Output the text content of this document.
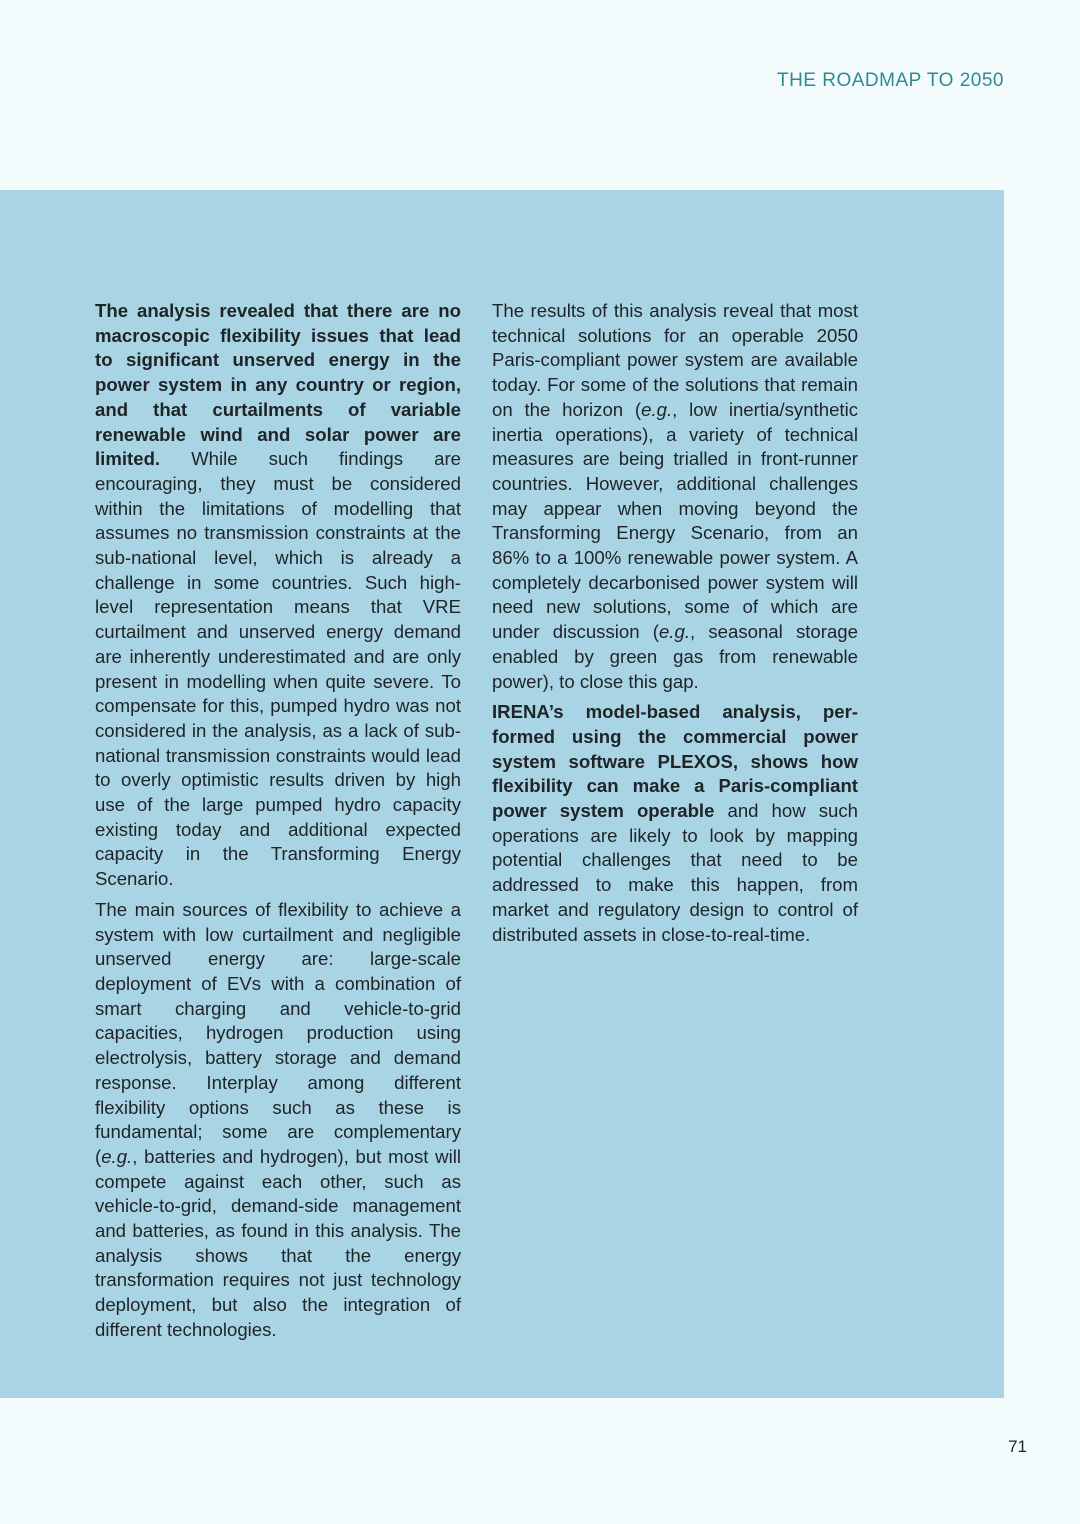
THE ROADMAP TO 2050

The analysis revealed that there are no macroscopic flexibility issues that lead to significant unserved energy in the power system in any country or region, and that curtailments of variable renewable wind and solar power are limited. While such findings are encouraging, they must be considered within the limitations of modelling that assumes no transmission constraints at the sub-national level, which is already a challenge in some countries. Such high-level representation means that VRE curtailment and unserved energy demand are inherently underestimated and are only present in modelling when quite severe. To compensate for this, pumped hydro was not considered in the analysis, as a lack of sub-national transmission constraints would lead to overly optimistic results driven by high use of the large pumped hydro capacity existing today and additional expected capacity in the Transforming Energy Scenario.

The main sources of flexibility to achieve a system with low curtailment and negligible unserved energy are: large-scale deployment of EVs with a combination of smart charging and vehicle-to-grid capacities, hydrogen production using electrolysis, battery storage and demand response. Interplay among different flexibility options such as these is fundamental; some are complementary (e.g., batteries and hydrogen), but most will compete against each other, such as vehicle-to-grid, demand-side management and batteries, as found in this analysis. The analysis shows that the energy transformation requires not just technology deployment, but also the integration of different technologies.

The results of this analysis reveal that most technical solutions for an operable 2050 Paris-compliant power system are available today. For some of the solutions that remain on the horizon (e.g., low inertia/synthetic inertia operations), a variety of technical measures are being trialled in front-runner countries. However, additional challenges may appear when moving beyond the Transforming Energy Scenario, from an 86% to a 100% renewable power system. A completely decarbonised power system will need new solutions, some of which are under discussion (e.g., seasonal storage enabled by green gas from renewable power), to close this gap.

IRENA’s model-based analysis, per-formed using the commercial power system software PLEXOS, shows how flexibility can make a Paris-compliant power system operable and how such operations are likely to look by mapping potential challenges that need to be addressed to make this happen, from market and regulatory design to control of distributed assets in close-to-real-time.

71
